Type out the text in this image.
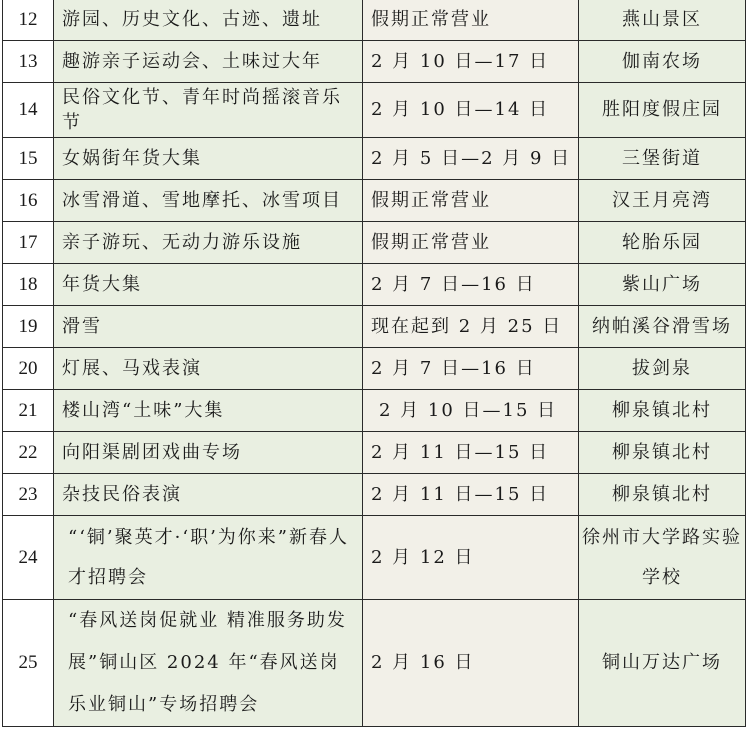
12	游园、历史文化、古迹、遗址	假期正常营业	燕山景区
13	趣游亲子运动会、土味过大年	2 月 10 日—17 日	伽南农场
14	民俗文化节、青年时尚摇滚音乐节	2 月 10 日—14 日	胜阳度假庄园
15	女娲街年货大集	2 月 5 日—2 月 9 日	三堡街道
16	冰雪滑道、雪地摩托、冰雪项目	假期正常营业	汉王月亮湾
17	亲子游玩、无动力游乐设施	假期正常营业	轮胎乐园
18	年货大集	2 月 7 日—16 日	紫山广场
19	滑雪	现在起到 2 月 25 日	纳帕溪谷滑雪场
20	灯展、马戏表演	2 月 7 日—16 日	拔剑泉
21	楼山湾“土味”大集	2 月 10 日—15 日	柳泉镇北村
22	向阳渠剧团戏曲专场	2 月 11 日—15 日	柳泉镇北村
23	杂技民俗表演	2 月 11 日—15 日	柳泉镇北村
24	“‘铜’聚英才·‘职’为你来”新春人才招聘会	2 月 12 日	徐州市大学路实验学校
25	“春风送岗促就业 精准服务助发展”铜山区 2024 年“春风送岗 乐业铜山”专场招聘会	2 月 16 日	铜山万达广场
